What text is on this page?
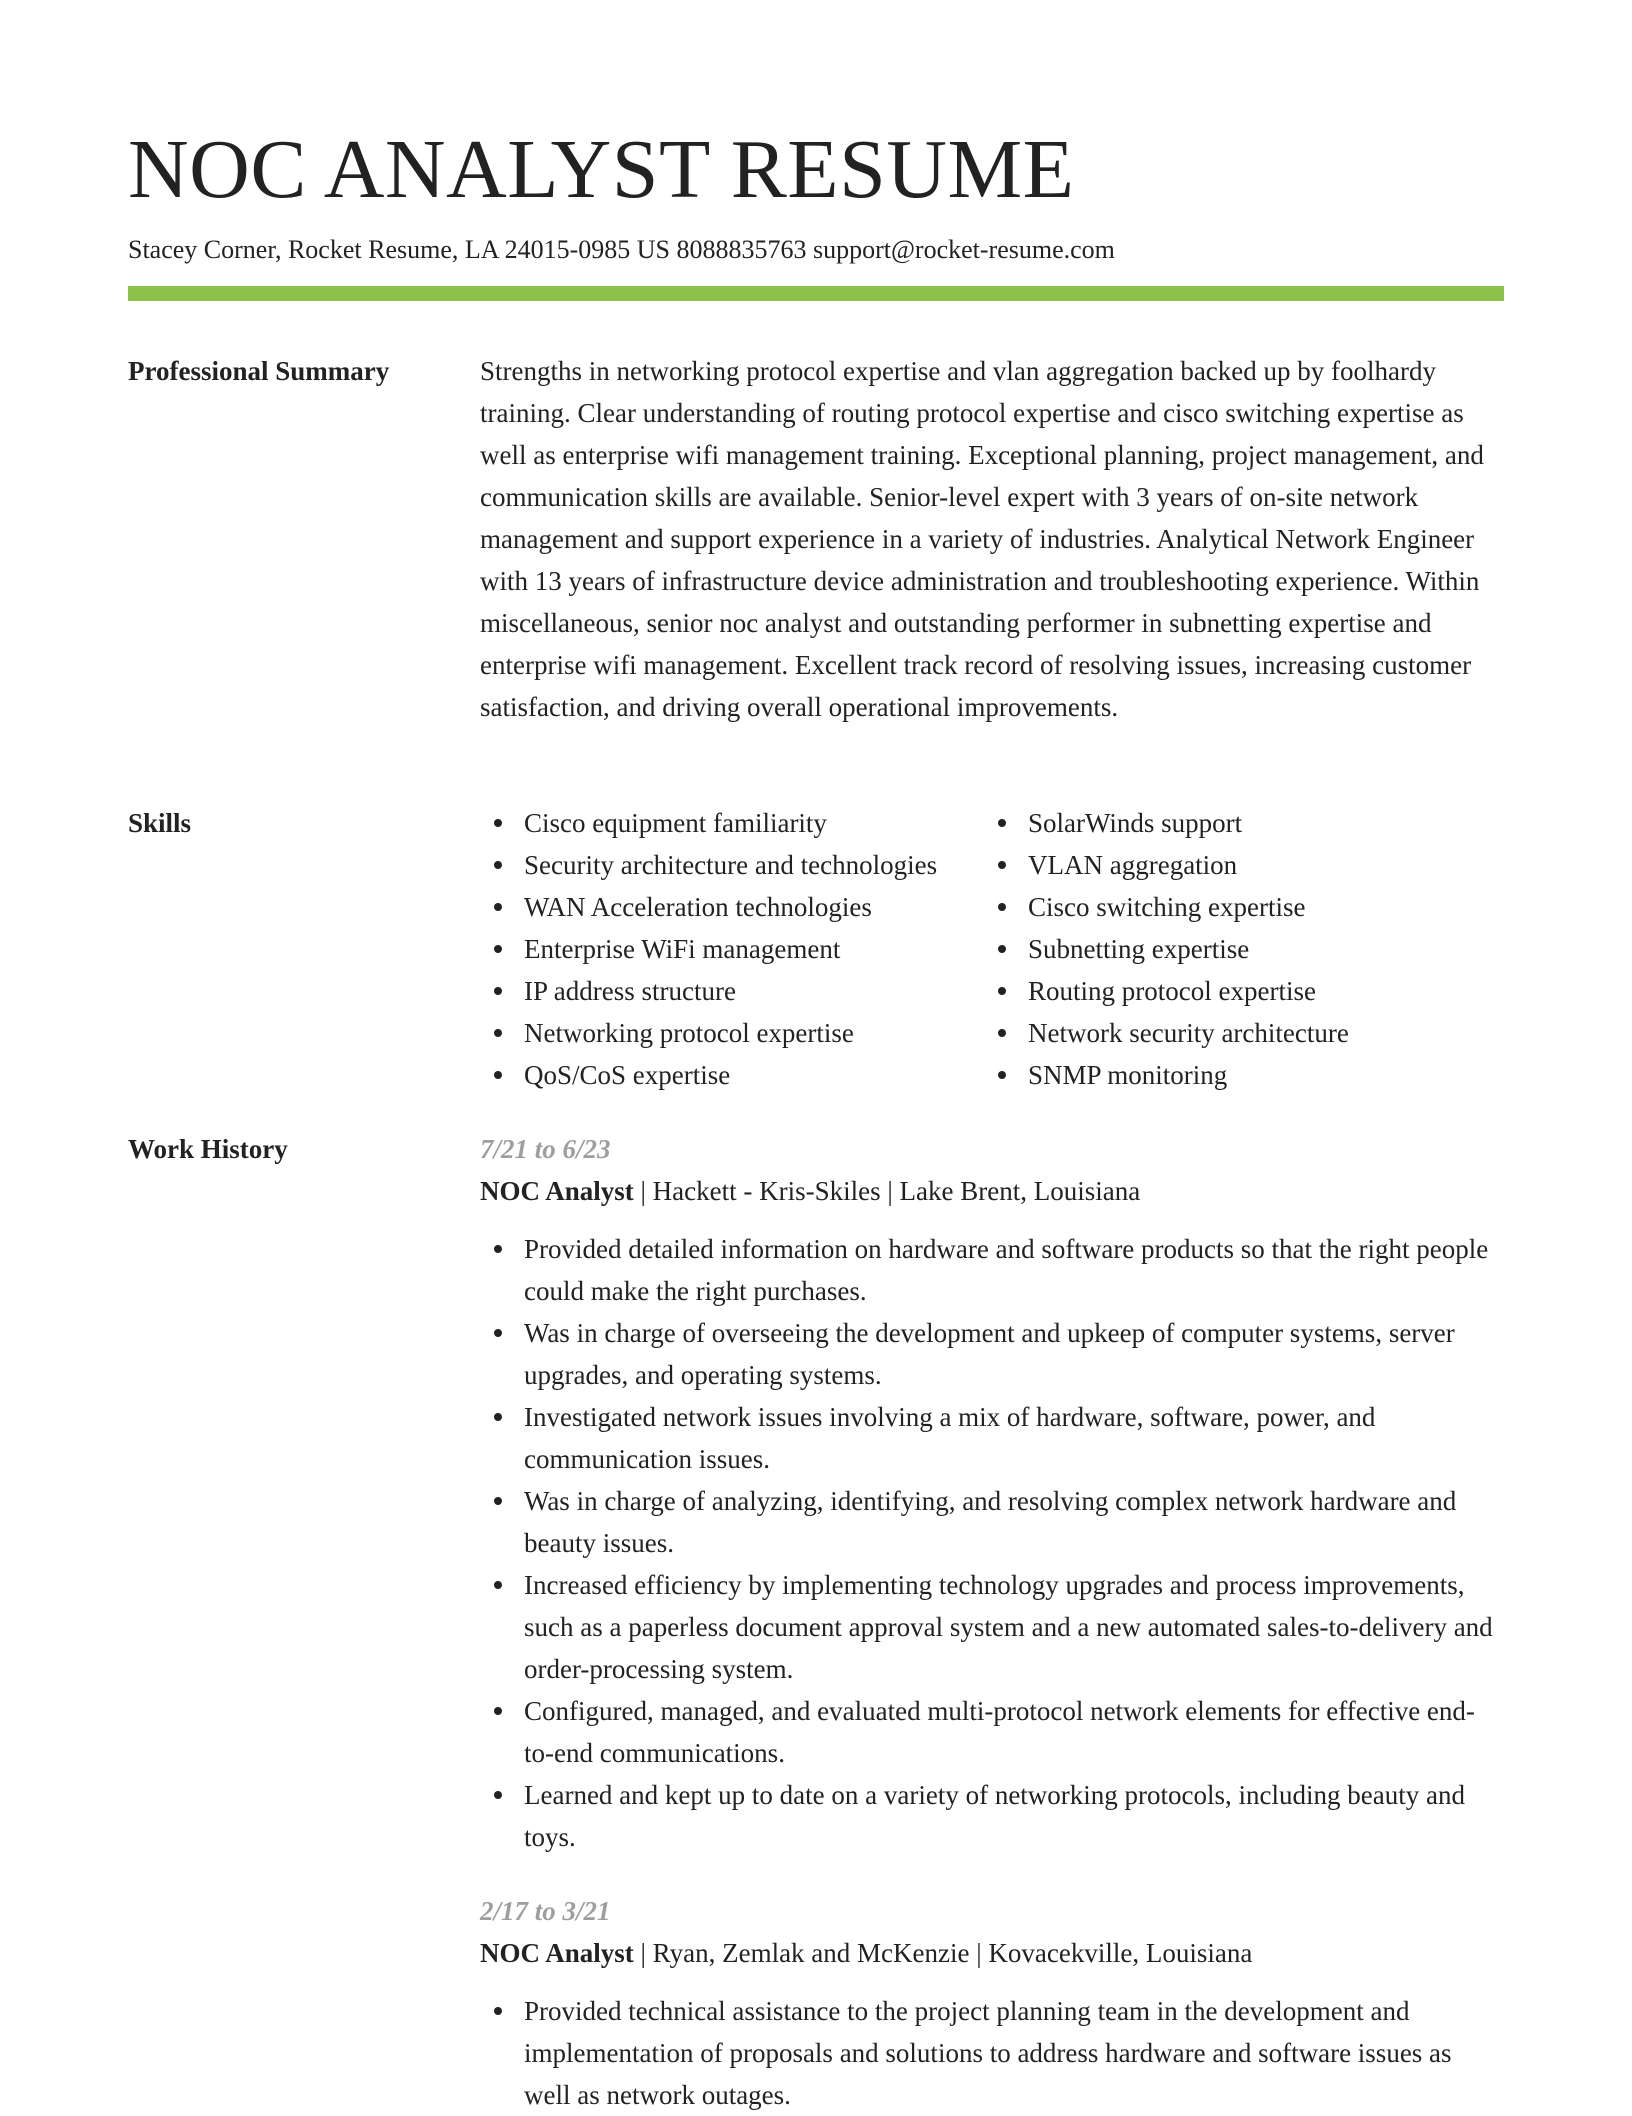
NOC ANALYST RESUME
Stacey Corner, Rocket Resume, LA 24015-0985 US 8088835763 support@rocket-resume.com
Professional Summary	Strengths in networking protocol expertise and vlan aggregation backed up by foolhardy training. Clear understanding of routing protocol expertise and cisco switching expertise as well as enterprise wifi management training. Exceptional planning, project management, and communication skills are available. Senior-level expert with 3 years of on-site network management and support experience in a variety of industries. Analytical Network Engineer with 13 years of infrastructure device administration and troubleshooting experience. Within miscellaneous, senior noc analyst and outstanding performer in subnetting expertise and enterprise wifi management. Excellent track record of resolving issues, increasing customer satisfaction, and driving overall operational improvements.

Skills	Cisco equipment familiarity
Security architecture and technologies
WAN Acceleration technologies
Enterprise WiFi management
IP address structure
Networking protocol expertise
QoS/CoS expertise
SolarWinds support
VLAN aggregation
Cisco switching expertise
Subnetting expertise
Routing protocol expertise
Network security architecture
SNMP monitoring
Work History	7/21 to 6/23
NOC Analyst | Hackett - Kris-Skiles | Lake Brent, Louisiana
Provided detailed information on hardware and software products so that the right people could make the right purchases.
Was in charge of overseeing the development and upkeep of computer systems, server upgrades, and operating systems.
Investigated network issues involving a mix of hardware, software, power, and communication issues.
Was in charge of analyzing, identifying, and resolving complex network hardware and beauty issues.
Increased efficiency by implementing technology upgrades and process improvements, such as a paperless document approval system and a new automated sales-to-delivery and order-processing system.
Configured, managed, and evaluated multi-protocol network elements for effective end-to-end communications.
Learned and kept up to date on a variety of networking protocols, including beauty and toys.
2/17 to 3/21
NOC Analyst | Ryan, Zemlak and McKenzie | Kovacekville, Louisiana
Provided technical assistance to the project planning team in the development and implementation of proposals and solutions to address hardware and software issues as well as network outages.
